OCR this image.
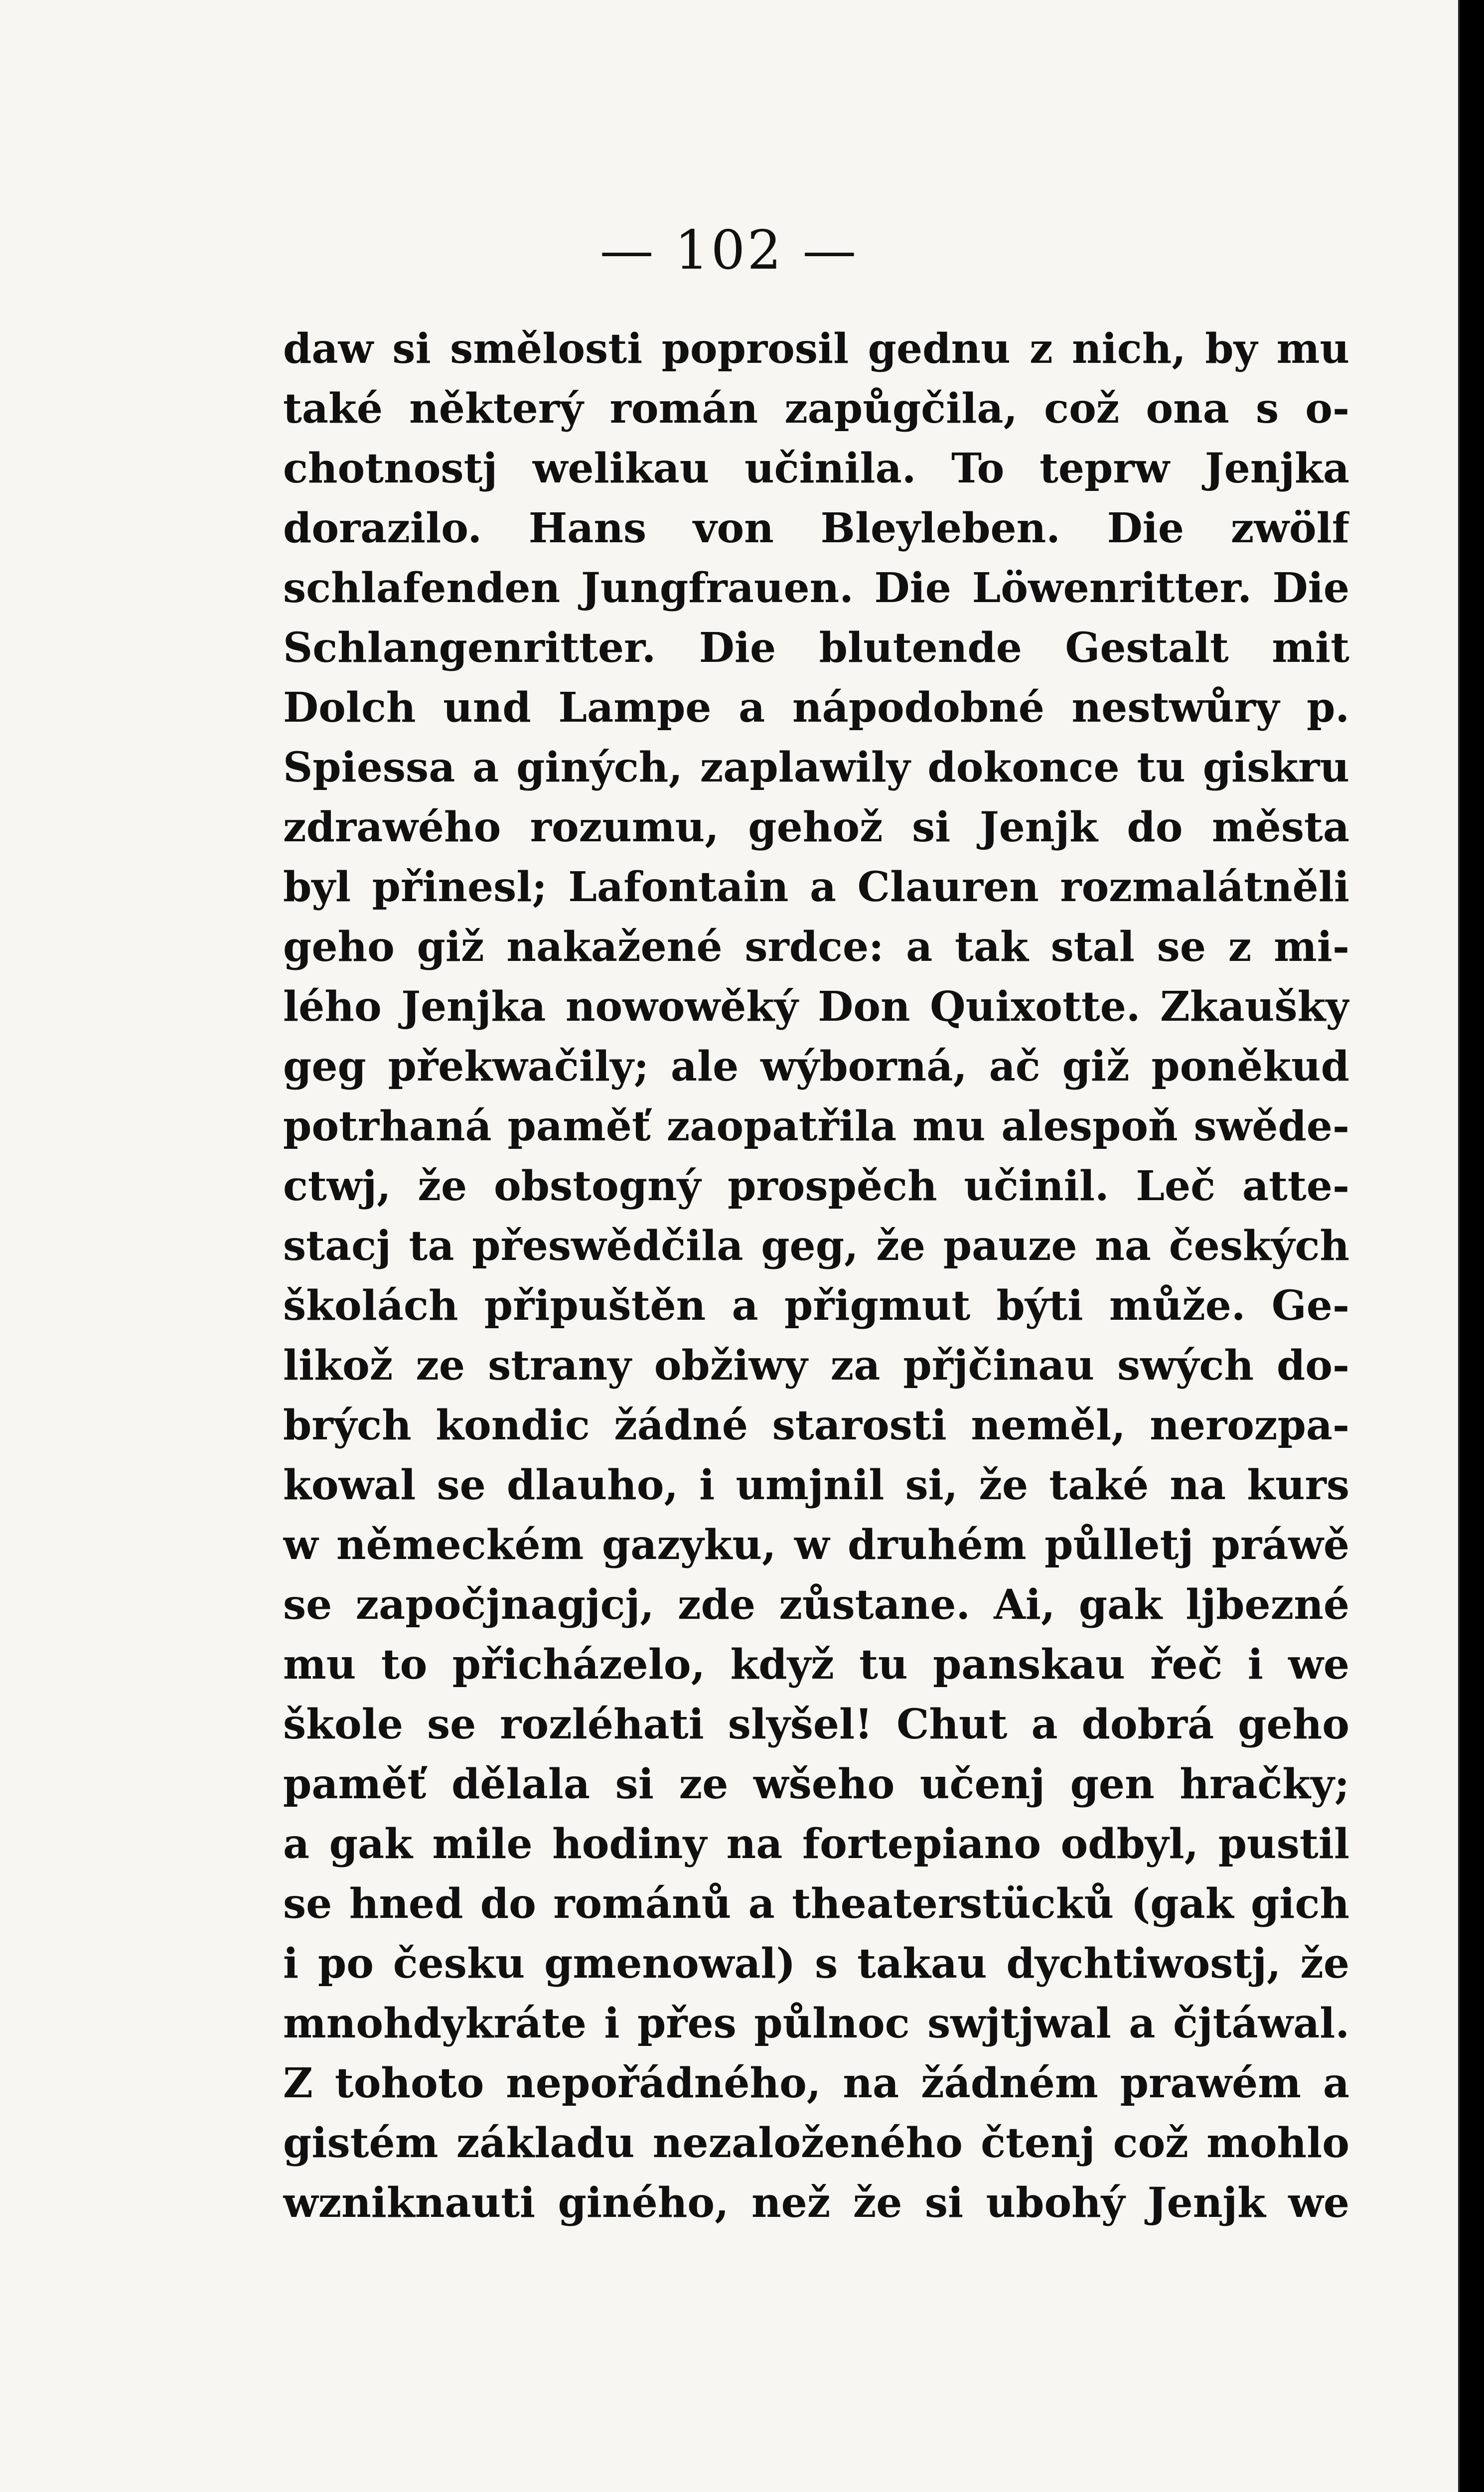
— 102 —
daw si smělosti poprosil gednu z nich, by mu
také některý román zapůgčila, což ona s o-
chotnostj welikau učinila. To teprw Jenjka
dorazilo. Hans von Bleyleben. Die zwölf
schlafenden Jungfrauen. Die Löwenritter. Die
Schlangenritter. Die blutende Gestalt mit
Dolch und Lampe a nápodobné nestwůry p.
Spiessa a giných, zaplawily dokonce tu giskru
zdrawého rozumu, gehož si Jenjk do města
byl přinesl; Lafontain a Clauren rozmalátněli
geho giž nakažené srdce: a tak stal se z mi-
lého Jenjka nowowěký Don Quixotte. Zkaušky
geg překwačily; ale wýborná, ač giž poněkud
potrhaná paměť zaopatřila mu alespoň swěde-
ctwj, že obstogný prospěch učinil. Leč atte-
stacj ta přeswědčila geg, že pauze na českých
školách připuštěn a přigmut býti může. Ge-
likož ze strany obžiwy za přjčinau swých do-
brých kondic žádné starosti neměl, nerozpa-
kowal se dlauho, i umjnil si, že také na kurs
w německém gazyku, w druhém půlletj práwě
se započjnagjcj, zde zůstane. Ai, gak ljbezné
mu to přicházelo, když tu panskau řeč i we
škole se rozléhati slyšel! Chut a dobrá geho
paměť dělala si ze wšeho učenj gen hračky;
a gak mile hodiny na fortepiano odbyl, pustil
se hned do románů a theaterstücků (gak gich
i po česku gmenowal) s takau dychtiwostj, že
mnohdykráte i přes půlnoc swjtjwal a čjtáwal.
Z tohoto nepořádného, na žádném prawém a
gistém základu nezaloženého čtenj což mohlo
wzniknauti giného, než že si ubohý Jenjk we
